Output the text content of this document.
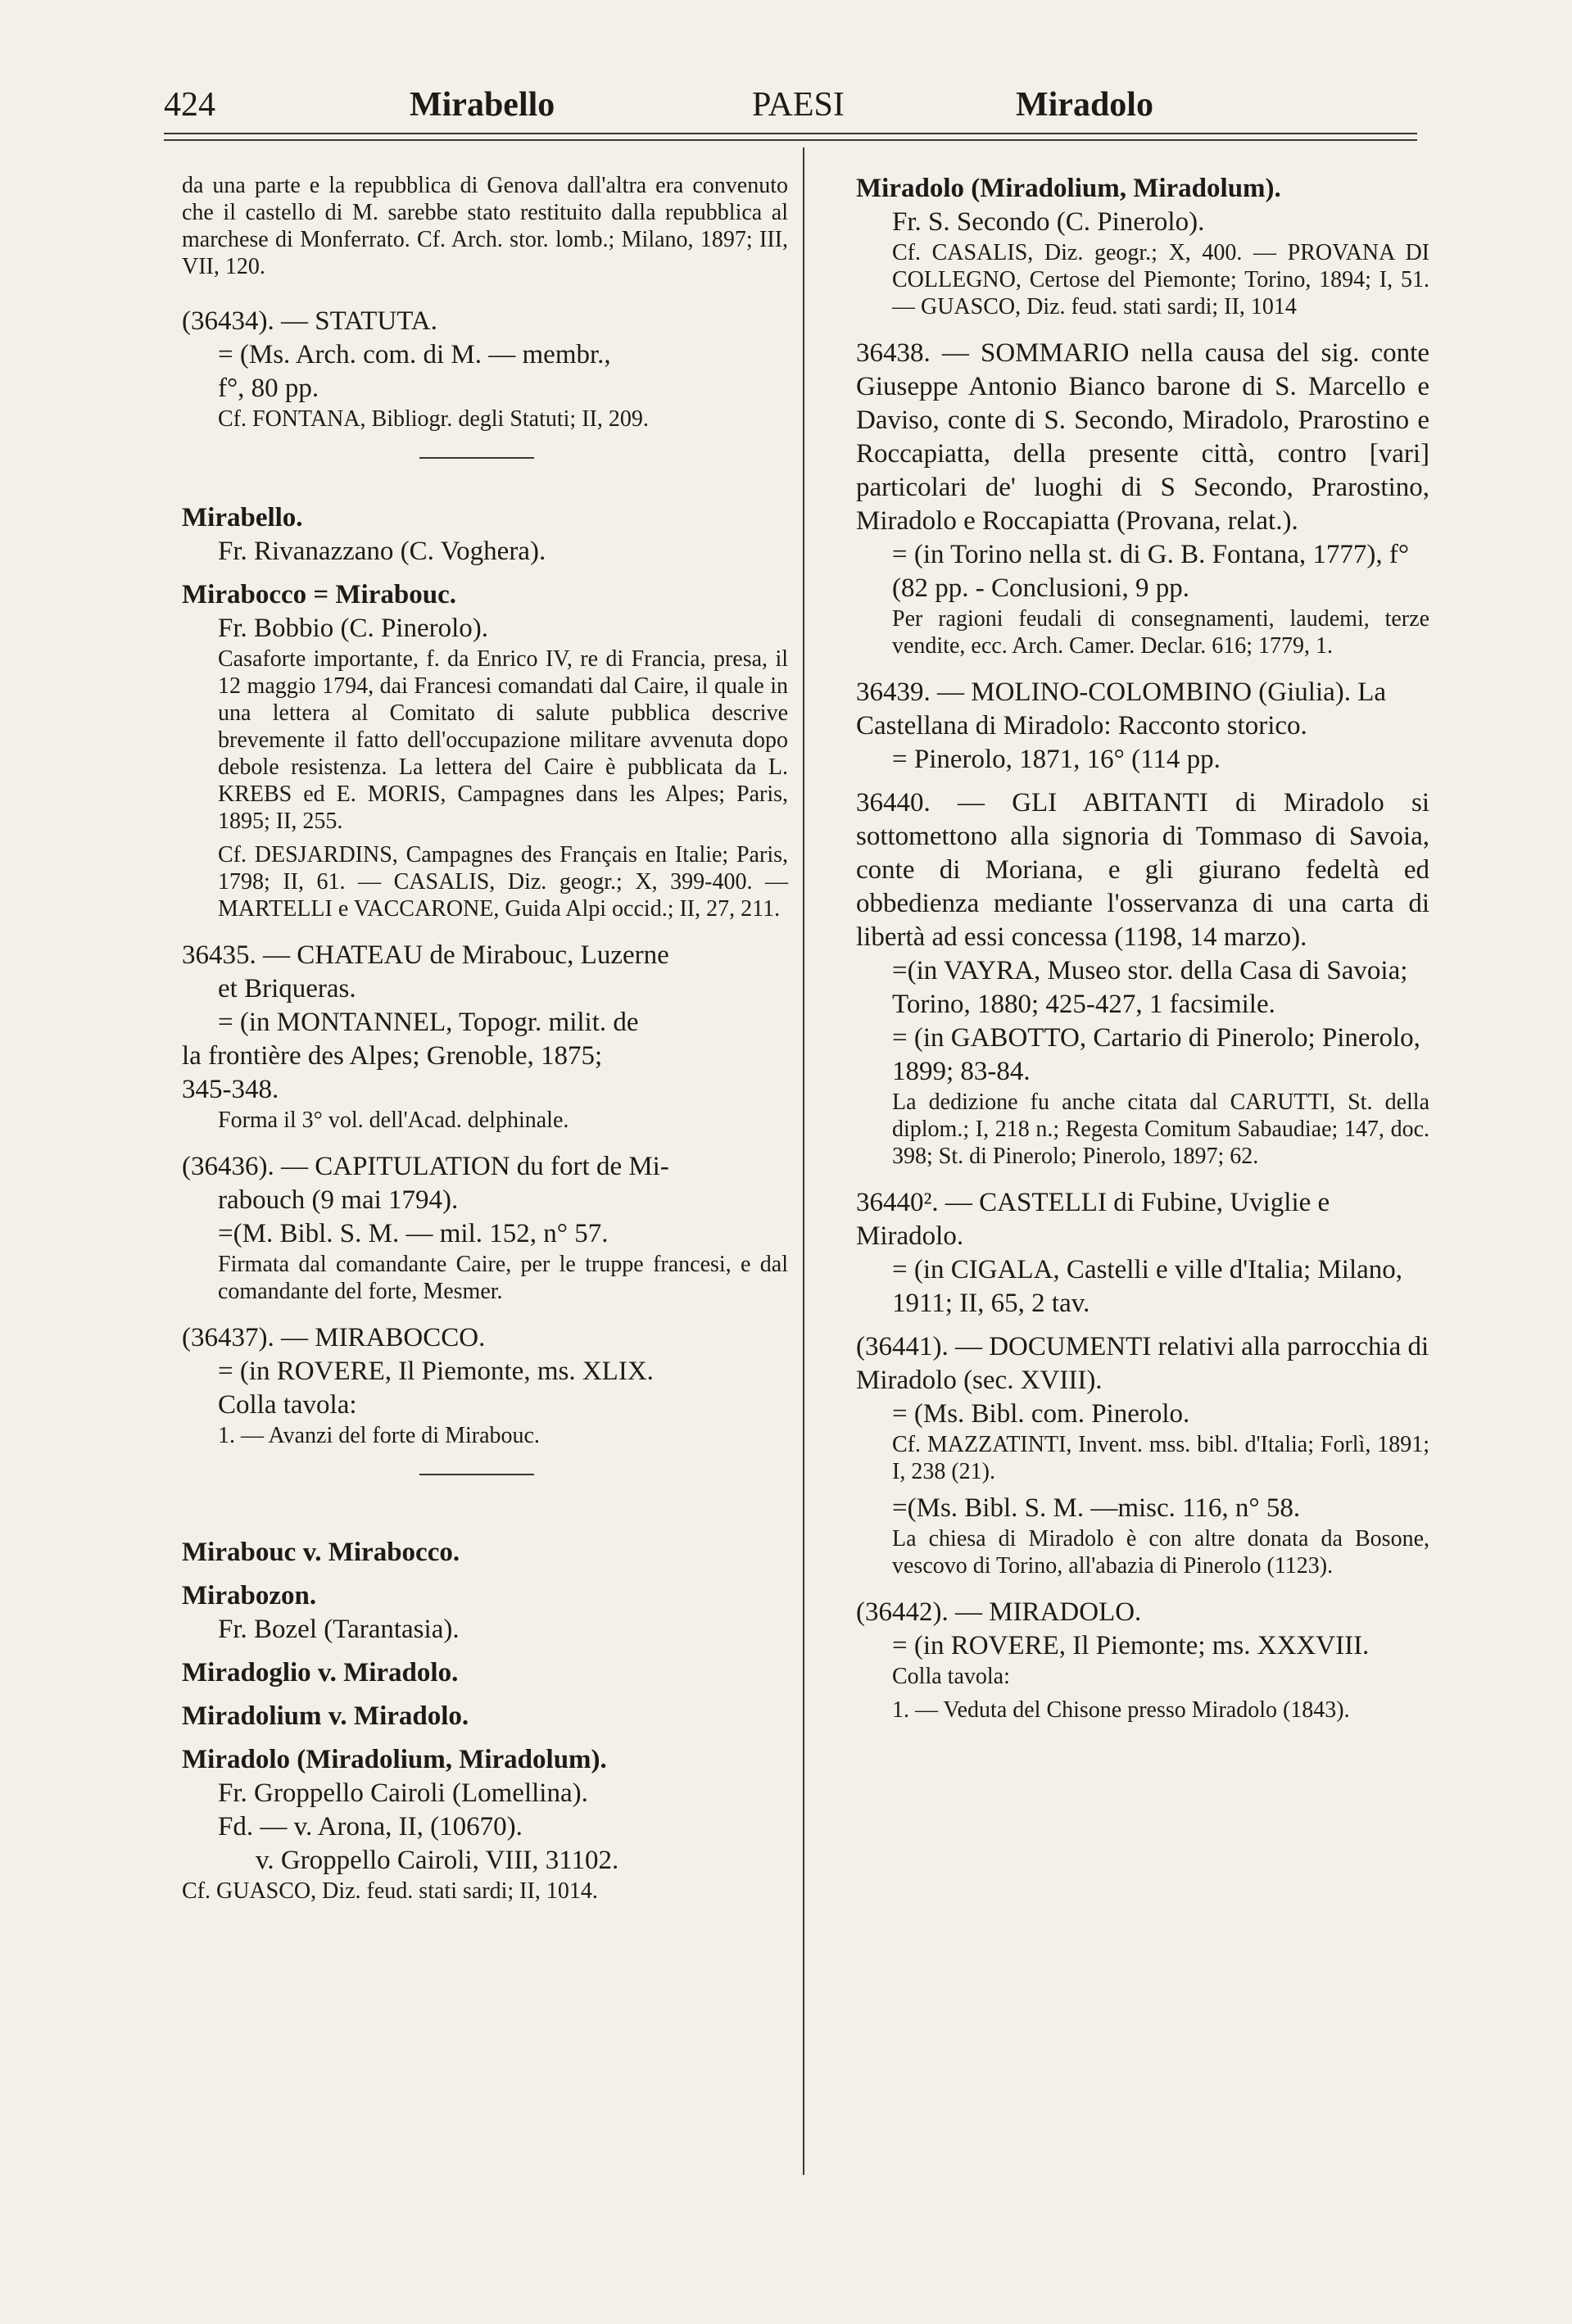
424	Mirabello	PAESI	Miradolo

da una parte e la repubblica di Genova dall'altra era convenuto che il castello di M. sarebbe stato restituito dalla repubblica al marchese di Monferrato. Cf. Arch. stor. lomb.; Milano, 1897; III, VII, 120.

(36434). — STATUTA.

= (Ms. Arch. com. di M. — membr.,

f°, 80 pp.

Cf. FONTANA, Bibliogr. degli Statuti; II, 209.

Mirabello.

Fr. Rivanazzano (C. Voghera).

Mirabocco = Mirabouc.

Fr. Bobbio (C. Pinerolo).

Casaforte importante, f. da Enrico IV, re di Francia, presa, il 12 maggio 1794, dai Francesi comandati dal Caire, il quale in una lettera al Comitato di salute pubblica descrive brevemente il fatto dell'occupazione militare avvenuta dopo debole resistenza. La lettera del Caire è pubblicata da L. KREBS ed E. MORIS, Campagnes dans les Alpes; Paris, 1895; II, 255.

Cf. DESJARDINS, Campagnes des Français en Italie; Paris, 1798; II, 61. — CASALIS, Diz. geogr.; X, 399-400. — MARTELLI e VACCARONE, Guida Alpi occid.; II, 27, 211.

36435. — CHATEAU de Mirabouc, Luzerne

et Briqueras.

= (in MONTANNEL, Topogr. milit. de

la frontière des Alpes; Grenoble, 1875;

345-348.

Forma il 3° vol. dell'Acad. delphinale.

(36436). — CAPITULATION du fort de Mi-

rabouch (9 mai 1794).

=(M. Bibl. S. M. — mil. 152, n° 57.

Firmata dal comandante Caire, per le truppe francesi, e dal comandante del forte, Mesmer.

(36437). — MIRABOCCO.

= (in ROVERE, Il Piemonte, ms. XLIX.

Colla tavola:

1. — Avanzi del forte di Mirabouc.

Mirabouc v. Mirabocco.

Mirabozon.

Fr. Bozel (Tarantasia).

Miradoglio v. Miradolo.

Miradolium v. Miradolo.

Miradolo (Miradolium, Miradolum).

Fr. Groppello Cairoli (Lomellina).

Fd. — v. Arona, II, (10670).

v. Groppello Cairoli, VIII, 31102.

Cf. GUASCO, Diz. feud. stati sardi; II, 1014.

Miradolo (Miradolium, Miradolum).

Fr. S. Secondo (C. Pinerolo).

Cf. CASALIS, Diz. geogr.; X, 400. — PROVANA DI COLLEGNO, Certose del Piemonte; Torino, 1894; I, 51. — GUASCO, Diz. feud. stati sardi; II, 1014

36438. — SOMMARIO nella causa del sig. conte Giuseppe Antonio Bianco barone di S. Marcello e Daviso, conte di S. Secondo, Miradolo, Prarostino e Roccapiatta, della presente città, contro [vari] particolari de' luoghi di S Secondo, Prarostino, Miradolo e Roccapiatta (Provana, relat.).

= (in Torino nella st. di G. B. Fontana, 1777), f° (82 pp. - Conclusioni, 9 pp.

Per ragioni feudali di consegnamenti, laudemi, terze vendite, ecc. Arch. Camer. Declar. 616; 1779, 1.

36439. — MOLINO-COLOMBINO (Giulia). La Castellana di Miradolo: Racconto storico.

= Pinerolo, 1871, 16° (114 pp.

36440. — GLI ABITANTI di Miradolo si sottomettono alla signoria di Tommaso di Savoia, conte di Moriana, e gli giurano fedeltà ed obbedienza mediante l'osservanza di una carta di libertà ad essi concessa (1198, 14 marzo).

=(in VAYRA, Museo stor. della Casa di Savoia; Torino, 1880; 425-427, 1 facsimile.

= (in GABOTTO, Cartario di Pinerolo; Pinerolo, 1899; 83-84.

La dedizione fu anche citata dal CARUTTI, St. della diplom.; I, 218 n.; Regesta Comitum Sabaudiae; 147, doc. 398; St. di Pinerolo; Pinerolo, 1897; 62.

36440². — CASTELLI di Fubine, Uviglie e Miradolo.

= (in CIGALA, Castelli e ville d'Italia; Milano, 1911; II, 65, 2 tav.

(36441). — DOCUMENTI relativi alla parrocchia di Miradolo (sec. XVIII).

= (Ms. Bibl. com. Pinerolo.

Cf. MAZZATINTI, Invent. mss. bibl. d'Italia; Forlì, 1891; I, 238 (21).

=(Ms. Bibl. S. M. —misc. 116, n° 58.

La chiesa di Miradolo è con altre donata da Bosone, vescovo di Torino, all'abazia di Pinerolo (1123).

(36442). — MIRADOLO.

= (in ROVERE, Il Piemonte; ms. XXXVIII.

Colla tavola:

1. — Veduta del Chisone presso Miradolo (1843).
